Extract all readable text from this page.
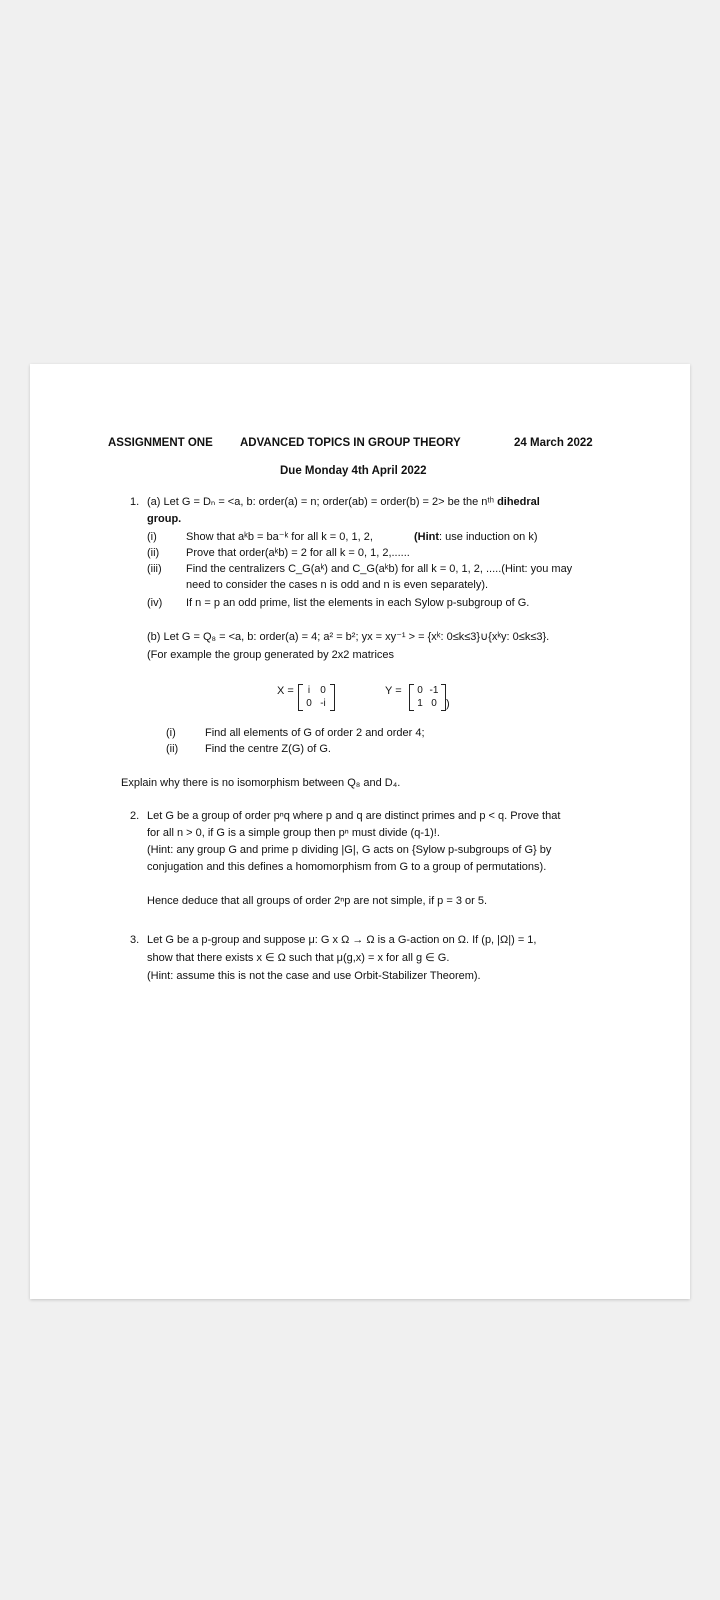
ASSIGNMENT ONE ADVANCED TOPICS IN GROUP THEORY	24 March 2022
Due Monday 4th April 2022
1. (a) Let G = Dₙ = <a, b: order(a) = n; order(ab) = order(b) = 2> be the nᵗʰ dihedral
group.
(i)	Show that aᵏb = ba⁻ᵏ for all k = 0, 1, 2,	(Hint: use induction on k)
(ii) Prove that order(aᵏb) = 2 for all k = 0, 1, 2,......
(iii) Find the centralizers C_G(aᵏ) and C_G(aᵏb) for all k = 0, 1, 2, .....(Hint: you may
need to consider the cases n is odd and n is even separately).
(iv) If n = p an odd prime, list the elements in each Sylow p-subgroup of G.
(b) Let G = Q₈ = <a, b: order(a) = 4; a² = b²; yx = xy⁻¹ > = {xᵏ: 0≤k≤3}∪{xᵏy: 0≤k≤3}.
(For example the group generated by 2x2 matrices
X =	i 0
0 -i
Y =	0 -1
1 0 )
(i)	Find all elements of G of order 2 and order 4;
(ii) Find the centre Z(G) of G.
Explain why there is no isomorphism between Q₈ and D₄.
2. Let G be a group of order pⁿq where p and q are distinct primes and p < q. Prove that
for all n > 0, if G is a simple group then pⁿ must divide (q-1)!.
(Hint: any group G and prime p dividing |G|, G acts on {Sylow p-subgroups of G} by
conjugation and this defines a homomorphism from G to a group of permutations).
Hence deduce that all groups of order 2ⁿp are not simple, if p = 3 or 5.
3. Let G be a p-group and suppose μ: G x Ω → Ω is a G-action on Ω. If (p, |Ω|) = 1,
show that there exists x ∈ Ω such that μ(g,x) = x for all g ∈ G.
(Hint: assume this is not the case and use Orbit-Stabilizer Theorem).
